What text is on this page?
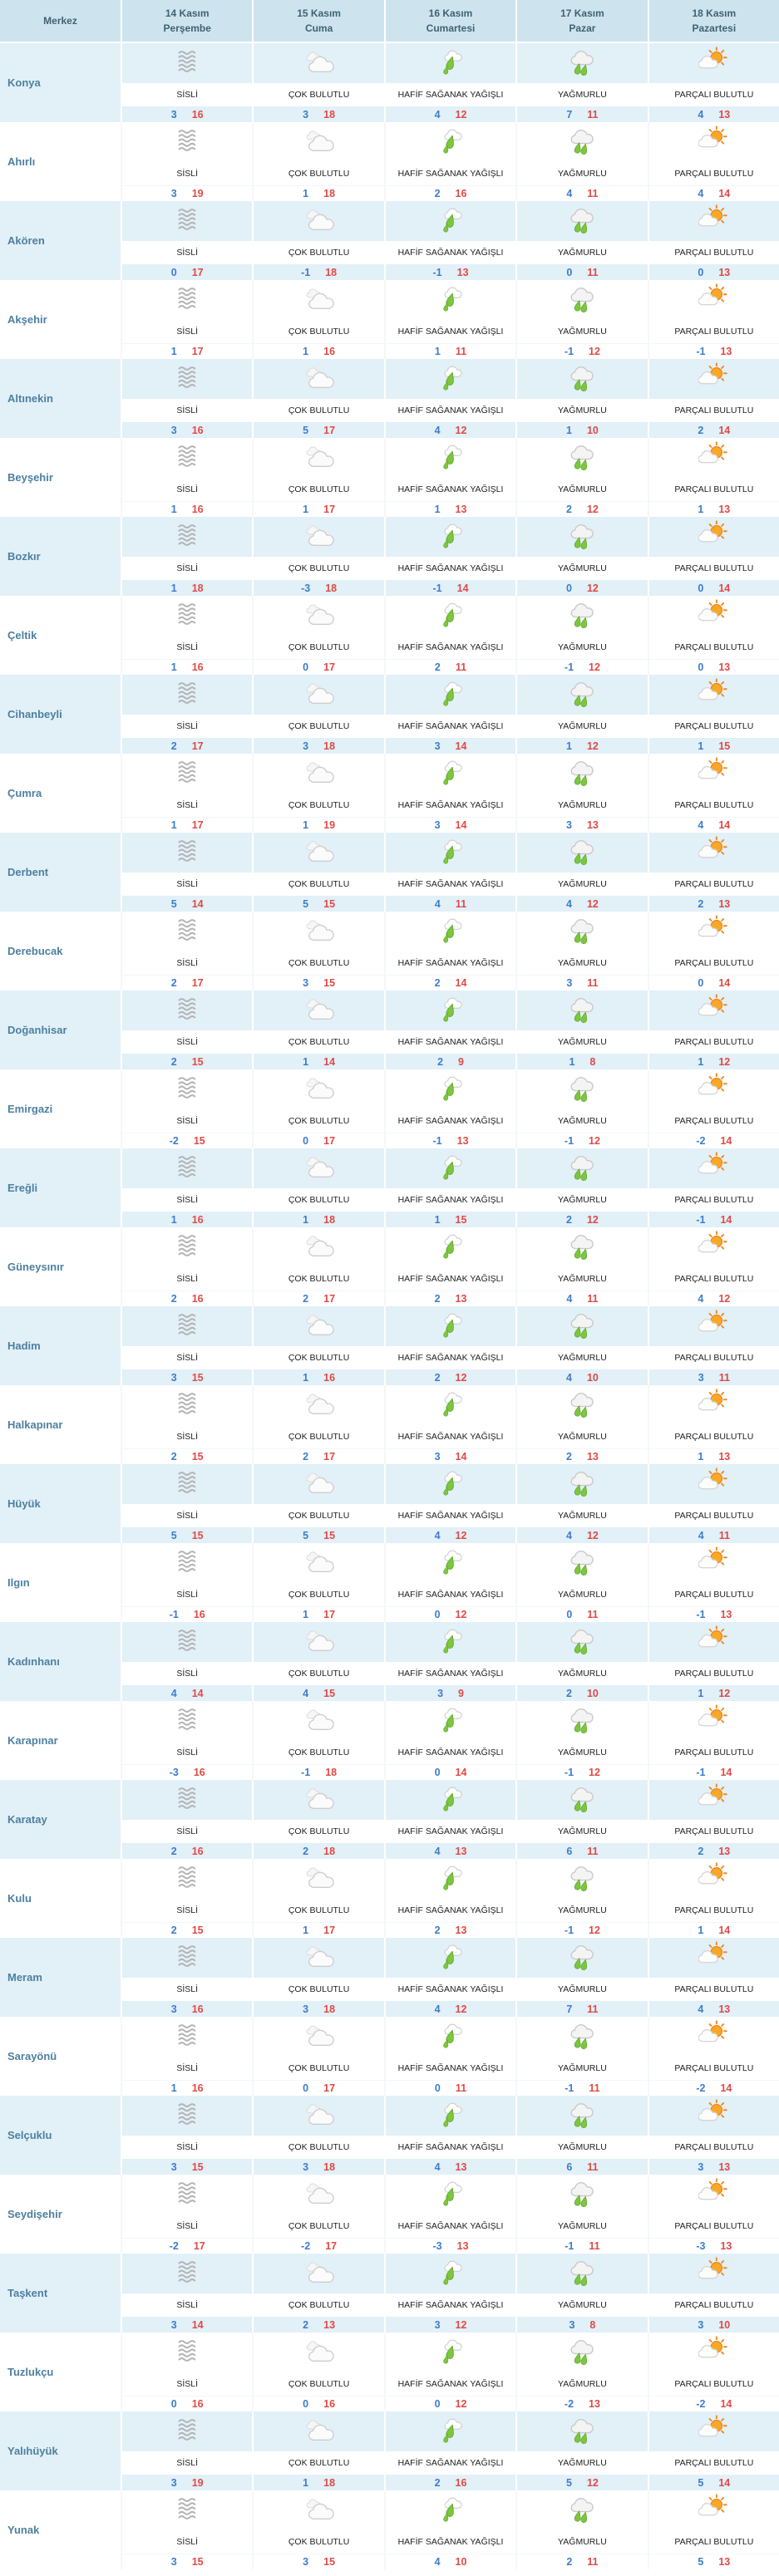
Merkez
14 Kasım
Perşembe
15 Kasım
Cuma
16 Kasım
Cumartesi
17 Kasım
Pazar
18 Kasım
Pazartesi
Konya
SİSLİ
3 16
ÇOK BULUTLU
3 18
HAFİF SAĞANAK YAĞIŞLI
4 12
YAĞMURLU
7 11
PARÇALI BULUTLU
4 13
Ahırlı
SİSLİ
3 19
ÇOK BULUTLU
1 18
HAFİF SAĞANAK YAĞIŞLI
2 16
YAĞMURLU
4 11
PARÇALI BULUTLU
4 14
Akören
SİSLİ
0 17
ÇOK BULUTLU
-1 18
HAFİF SAĞANAK YAĞIŞLI
-1 13
YAĞMURLU
0 11
PARÇALI BULUTLU
0 13
Akşehir
SİSLİ
1 17
ÇOK BULUTLU
1 16
HAFİF SAĞANAK YAĞIŞLI
1 11
YAĞMURLU
-1 12
PARÇALI BULUTLU
-1 13
Altınekin
SİSLİ
3 16
ÇOK BULUTLU
5 17
HAFİF SAĞANAK YAĞIŞLI
4 12
YAĞMURLU
1 10
PARÇALI BULUTLU
2 14
Beyşehir
SİSLİ
1 16
ÇOK BULUTLU
1 17
HAFİF SAĞANAK YAĞIŞLI
1 13
YAĞMURLU
2 12
PARÇALI BULUTLU
1 13
Bozkır
SİSLİ
1 18
ÇOK BULUTLU
-3 18
HAFİF SAĞANAK YAĞIŞLI
-1 14
YAĞMURLU
0 12
PARÇALI BULUTLU
0 14
Çeltik
SİSLİ
1 16
ÇOK BULUTLU
0 17
HAFİF SAĞANAK YAĞIŞLI
2 11
YAĞMURLU
-1 12
PARÇALI BULUTLU
0 13
Cihanbeyli
SİSLİ
2 17
ÇOK BULUTLU
3 18
HAFİF SAĞANAK YAĞIŞLI
3 14
YAĞMURLU
1 12
PARÇALI BULUTLU
1 15
Çumra
SİSLİ
1 17
ÇOK BULUTLU
1 19
HAFİF SAĞANAK YAĞIŞLI
3 14
YAĞMURLU
3 13
PARÇALI BULUTLU
4 14
Derbent
SİSLİ
5 14
ÇOK BULUTLU
5 15
HAFİF SAĞANAK YAĞIŞLI
4 11
YAĞMURLU
4 12
PARÇALI BULUTLU
2 13
Derebucak
SİSLİ
2 17
ÇOK BULUTLU
3 15
HAFİF SAĞANAK YAĞIŞLI
2 14
YAĞMURLU
3 11
PARÇALI BULUTLU
0 14
Doğanhisar
SİSLİ
2 15
ÇOK BULUTLU
1 14
HAFİF SAĞANAK YAĞIŞLI
2 9
YAĞMURLU
1 8
PARÇALI BULUTLU
1 12
Emirgazi
SİSLİ
-2 15
ÇOK BULUTLU
0 17
HAFİF SAĞANAK YAĞIŞLI
-1 13
YAĞMURLU
-1 12
PARÇALI BULUTLU
-2 14
Ereğli
SİSLİ
1 16
ÇOK BULUTLU
1 18
HAFİF SAĞANAK YAĞIŞLI
1 15
YAĞMURLU
2 12
PARÇALI BULUTLU
-1 14
Güneysınır
SİSLİ
2 16
ÇOK BULUTLU
2 17
HAFİF SAĞANAK YAĞIŞLI
2 13
YAĞMURLU
4 11
PARÇALI BULUTLU
4 12
Hadim
SİSLİ
3 15
ÇOK BULUTLU
1 16
HAFİF SAĞANAK YAĞIŞLI
2 12
YAĞMURLU
4 10
PARÇALI BULUTLU
3 11
Halkapınar
SİSLİ
2 15
ÇOK BULUTLU
2 17
HAFİF SAĞANAK YAĞIŞLI
3 14
YAĞMURLU
2 13
PARÇALI BULUTLU
1 13
Hüyük
SİSLİ
5 15
ÇOK BULUTLU
5 15
HAFİF SAĞANAK YAĞIŞLI
4 12
YAĞMURLU
4 12
PARÇALI BULUTLU
4 11
Ilgın
SİSLİ
-1 16
ÇOK BULUTLU
1 17
HAFİF SAĞANAK YAĞIŞLI
0 12
YAĞMURLU
0 11
PARÇALI BULUTLU
-1 13
Kadınhanı
SİSLİ
4 14
ÇOK BULUTLU
4 15
HAFİF SAĞANAK YAĞIŞLI
3 9
YAĞMURLU
2 10
PARÇALI BULUTLU
1 12
Karapınar
SİSLİ
-3 16
ÇOK BULUTLU
-1 18
HAFİF SAĞANAK YAĞIŞLI
0 14
YAĞMURLU
-1 12
PARÇALI BULUTLU
-1 14
Karatay
SİSLİ
2 16
ÇOK BULUTLU
2 18
HAFİF SAĞANAK YAĞIŞLI
4 13
YAĞMURLU
6 11
PARÇALI BULUTLU
2 13
Kulu
SİSLİ
2 15
ÇOK BULUTLU
1 17
HAFİF SAĞANAK YAĞIŞLI
2 13
YAĞMURLU
-1 12
PARÇALI BULUTLU
1 14
Meram
SİSLİ
3 16
ÇOK BULUTLU
3 18
HAFİF SAĞANAK YAĞIŞLI
4 12
YAĞMURLU
7 11
PARÇALI BULUTLU
4 13
Sarayönü
SİSLİ
1 16
ÇOK BULUTLU
0 17
HAFİF SAĞANAK YAĞIŞLI
0 11
YAĞMURLU
-1 11
PARÇALI BULUTLU
-2 14
Selçuklu
SİSLİ
3 15
ÇOK BULUTLU
3 18
HAFİF SAĞANAK YAĞIŞLI
4 13
YAĞMURLU
6 11
PARÇALI BULUTLU
3 13
Seydişehir
SİSLİ
-2 17
ÇOK BULUTLU
-2 17
HAFİF SAĞANAK YAĞIŞLI
-3 13
YAĞMURLU
-1 11
PARÇALI BULUTLU
-3 13
Taşkent
SİSLİ
3 14
ÇOK BULUTLU
2 13
HAFİF SAĞANAK YAĞIŞLI
3 12
YAĞMURLU
3 8
PARÇALI BULUTLU
3 10
Tuzlukçu
SİSLİ
0 16
ÇOK BULUTLU
0 16
HAFİF SAĞANAK YAĞIŞLI
0 12
YAĞMURLU
-2 13
PARÇALI BULUTLU
-2 14
Yalıhüyük
SİSLİ
3 19
ÇOK BULUTLU
1 18
HAFİF SAĞANAK YAĞIŞLI
2 16
YAĞMURLU
5 12
PARÇALI BULUTLU
5 14
Yunak
SİSLİ
3 15
ÇOK BULUTLU
3 15
HAFİF SAĞANAK YAĞIŞLI
4 10
YAĞMURLU
2 11
PARÇALI BULUTLU
5 13
